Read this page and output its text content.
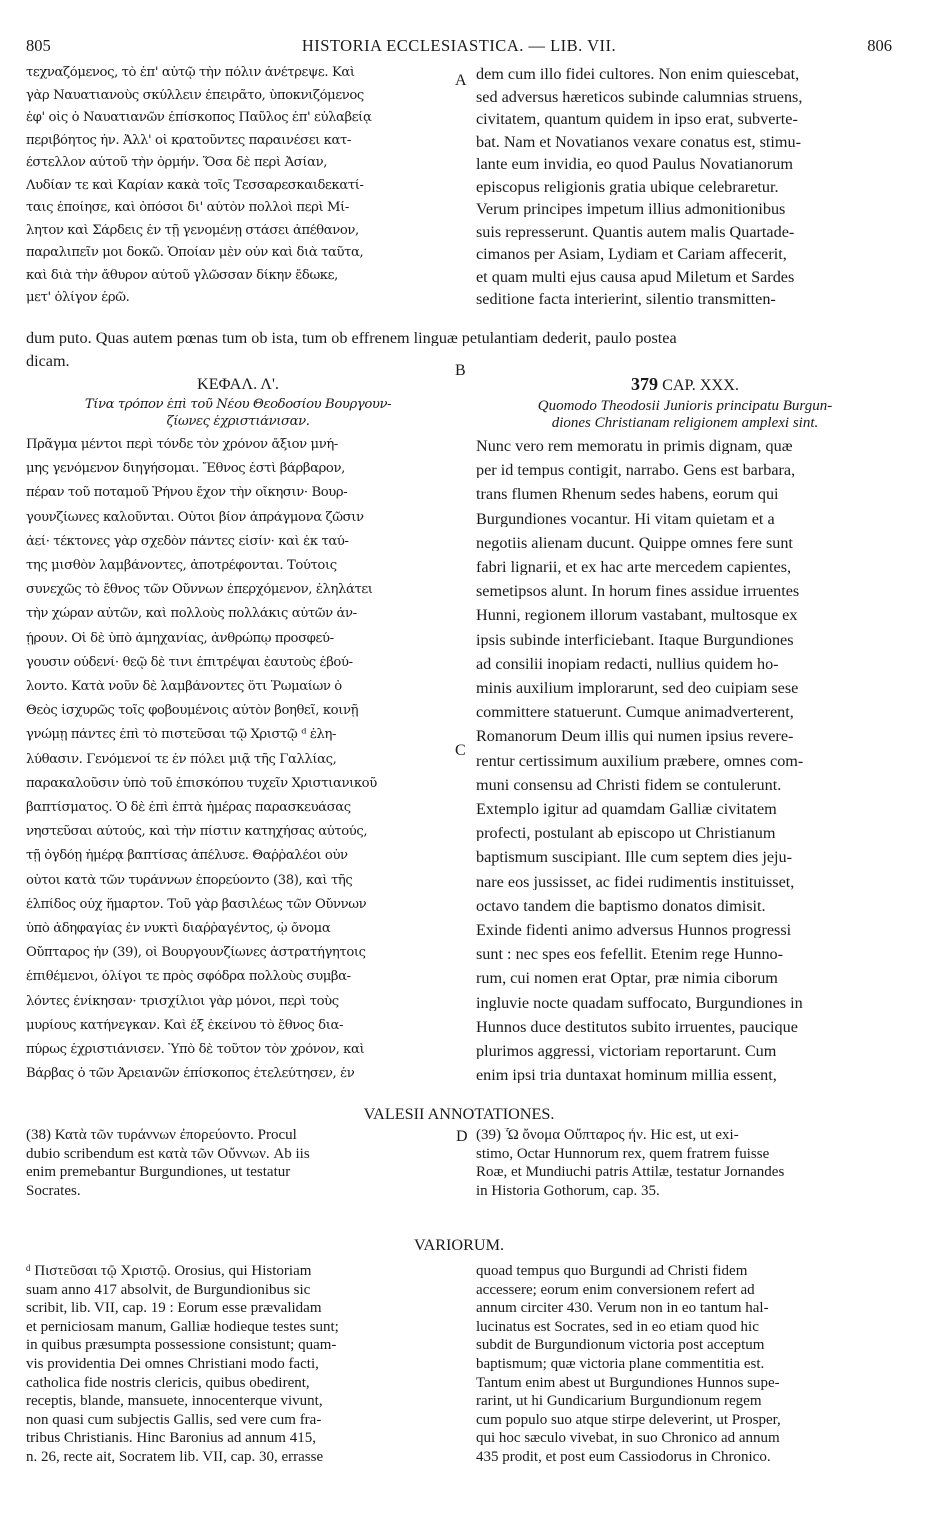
805	HISTORIA ECCLESIASTICA. — LIB. VII.	806
A
B
C
D
τεχναζόμενος, τὸ ἐπ' αὐτῷ τὴν πόλιν ἀνέτρεψε. Καὶ
γὰρ Ναυατιανοὺς σκύλλειν ἐπειρᾶτο, ὑποκνιζόμενος
ἐφ' οἷς ὁ Ναυατιανῶν ἐπίσκοπος Παῦλος ἐπ' εὐλαβείᾳ
περιβόητος ἦν. Ἀλλ' οἱ κρατοῦντες παραινέσει κατ-
έστελλον αὐτοῦ τὴν ὁρμήν. Ὅσα δὲ περὶ Ἀσίαν,
Λυδίαν τε καὶ Καρίαν κακὰ τοῖς Τεσσαρεσκαιδεκατί-
ταις ἐποίησε, καὶ ὁπόσοι δι' αὐτὸν πολλοὶ περὶ Μί-
λητον καὶ Σάρδεις ἐν τῇ γενομένῃ στάσει ἀπέθανον,
παραλιπεῖν μοι δοκῶ. Ὁποίαν μὲν οὖν καὶ διὰ ταῦτα,
καὶ διὰ τὴν ἄθυρον αὐτοῦ γλῶσσαν δίκην ἔδωκε,
μετ' ὀλίγον ἐρῶ.
dem cum illo fidei cultores. Non enim quiescebat,
sed adversus hæreticos subinde calumnias struens,
civitatem, quantum quidem in ipso erat, subverte-
bat. Nam et Novatianos vexare conatus est, stimu-
lante eum invidia, eo quod Paulus Novatianorum
episcopus religionis gratia ubique celebraretur.
Verum principes impetum illius admonitionibus
suis represserunt. Quantis autem malis Quartade-
cimanos per Asiam, Lydiam et Cariam affecerit,
et quam multi ejus causa apud Miletum et Sardes
seditione facta interierint, silentio transmitten-
dum puto. Quas autem pœnas tum ob ista, tum ob effrenem linguæ petulantiam dederit, paulo postea
dicam.
ΚΕΦΑΛ. Λ'.
Τίνα τρόπον ἐπὶ τοῦ Νέου Θεοδοσίου Βουργουν-
ζίωνες ἐχριστιάνισαν.
Πρᾶγμα μέντοι περὶ τόνδε τὸν χρόνον ἄξιον μνή-
μης γενόμενον διηγήσομαι. Ἔθνος ἐστὶ βάρβαρον,
πέραν τοῦ ποταμοῦ Ῥήνου ἔχον τὴν οἴκησιν· Βουρ-
γουνζίωνες καλοῦνται. Οὗτοι βίον ἀπράγμονα ζῶσιν
ἀεί· τέκτονες γὰρ σχεδὸν πάντες εἰσίν· καὶ ἐκ ταύ-
της μισθὸν λαμβάνοντες, ἀποτρέφονται. Τούτοις
συνεχῶς τὸ ἔθνος τῶν Οὔννων ἐπερχόμενον, ἐληλάτει
τὴν χώραν αὐτῶν, καὶ πολλοὺς πολλάκις αὐτῶν ἀν-
ῄρουν. Οἱ δὲ ὑπὸ ἀμηχανίας, ἀνθρώπῳ προσφεύ-
γουσιν οὐδενί· θεῷ δὲ τινι ἐπιτρέψαι ἑαυτοὺς ἐβού-
λοντο. Κατὰ νοῦν δὲ λαμβάνοντες ὅτι Ῥωμαίων ὁ
Θεὸς ἰσχυρῶς τοῖς φοβουμένοις αὐτὸν βοηθεῖ, κοινῇ
γνώμῃ πάντες ἐπὶ τὸ πιστεῦσαι τῷ Χριστῷ ᵈ ἐλη-
λύθασιν. Γενόμενοί τε ἐν πόλει μιᾷ τῆς Γαλλίας,
παρακαλοῦσιν ὑπὸ τοῦ ἐπισκόπου τυχεῖν Χριστιανικοῦ
βαπτίσματος. Ὁ δὲ ἐπὶ ἑπτὰ ἡμέρας παρασκευάσας
νηστεῦσαι αὐτούς, καὶ τὴν πίστιν κατηχήσας αὐτούς,
τῇ ὀγδόῃ ἡμέρᾳ βαπτίσας ἀπέλυσε. Θαῤῥαλέοι οὖν
οὗτοι κατὰ τῶν τυράννων ἐπορεύοντο (38), καὶ τῆς
ἐλπίδος οὐχ ἥμαρτον. Τοῦ γὰρ βασιλέως τῶν Οὔννων
ὑπὸ ἀδηφαγίας ἐν νυκτὶ διαῤῥαγέντος, ᾧ ὄνομα
Οὔπταρος ἦν (39), οἱ Βουργουνζίωνες ἀστρατήγητοις
ἐπιθέμενοι, ὀλίγοι τε πρὸς σφόδρα πολλοὺς συμβα-
λόντες ἐνίκησαν· τρισχίλιοι γὰρ μόνοι, περὶ τοὺς
μυρίους κατήνεγκαν. Καὶ ἐξ ἐκείνου τὸ ἔθνος δια-
πύρως ἐχριστιάνισεν. Ὑπὸ δὲ τοῦτον τὸν χρόνον, καὶ
Βάρβας ὁ τῶν Ἀρειανῶν ἐπίσκοπος ἐτελεύτησεν, ἐν
379 CAP. XXX.
Quomodo Theodosii Junioris principatu Burgun-
diones Christianam religionem amplexi sint.
Nunc vero rem memoratu in primis dignam, quæ
per id tempus contigit, narrabo. Gens est barbara,
trans flumen Rhenum sedes habens, eorum qui
Burgundiones vocantur. Hi vitam quietam et a
negotiis alienam ducunt. Quippe omnes fere sunt
fabri lignarii, et ex hac arte mercedem capientes,
semetipsos alunt. In horum fines assidue irruentes
Hunni, regionem illorum vastabant, multosque ex
ipsis subinde interficiebant. Itaque Burgundiones
ad consilii inopiam redacti, nullius quidem ho-
minis auxilium implorarunt, sed deo cuipiam sese
committere statuerunt. Cumque animadverterent,
Romanorum Deum illis qui numen ipsius revere-
rentur certissimum auxilium præbere, omnes com-
muni consensu ad Christi fidem se contulerunt.
Extemplo igitur ad quamdam Galliæ civitatem
profecti, postulant ab episcopo ut Christianum
baptismum suscipiant. Ille cum septem dies jeju-
nare eos jussisset, ac fidei rudimentis instituisset,
octavo tandem die baptismo donatos dimisit.
Exinde fidenti animo adversus Hunnos progressi
sunt : nec spes eos fefellit. Etenim rege Hunno-
rum, cui nomen erat Optar, præ nimia ciborum
ingluvie nocte quadam suffocato, Burgundiones in
Hunnos duce destitutos subito irruentes, paucique
plurimos aggressi, victoriam reportarunt. Cum
enim ipsi tria duntaxat hominum millia essent,
VALESII ANNOTATIONES.
(38) Κατὰ τῶν τυράννων ἐπορεύοντο. Procul
dubio scribendum est κατὰ τῶν Οὔννων. Ab iis
enim premebantur Burgundiones, ut testatur
Socrates.
(39) Ὧ ὄνομα Οὔπταρος ἦν. Hic est, ut exi-
stimo, Octar Hunnorum rex, quem fratrem fuisse
Roæ, et Mundiuchi patris Attilæ, testatur Jornandes
in Historia Gothorum, cap. 35.
VARIORUM.
ᵈ Πιστεῦσαι τῷ Χριστῷ. Orosius, qui Historiam
suam anno 417 absolvit, de Burgundionibus sic
scribit, lib. VII, cap. 19 : Eorum esse prævalidam
et perniciosam manum, Galliæ hodieque testes sunt;
in quibus præsumpta possessione consistunt; quam-
vis providentia Dei omnes Christiani modo facti,
catholica fide nostris clericis, quibus obedirent,
receptis, blande, mansuete, innocenterque vivunt,
non quasi cum subjectis Gallis, sed vere cum fra-
tribus Christianis. Hinc Baronius ad annum 415,
n. 26, recte ait, Socratem lib. VII, cap. 30, errasse
quoad tempus quo Burgundi ad Christi fidem
accessere; eorum enim conversionem refert ad
annum circiter 430. Verum non in eo tantum hal-
lucinatus est Socrates, sed in eo etiam quod hic
subdit de Burgundionum victoria post acceptum
baptismum; quæ victoria plane commentitia est.
Tantum enim abest ut Burgundiones Hunnos supe-
rarint, ut hi Gundicarium Burgundionum regem
cum populo suo atque stirpe deleverint, ut Prosper,
qui hoc sæculo vivebat, in suo Chronico ad annum
435 prodit, et post eum Cassiodorus in Chronico.
